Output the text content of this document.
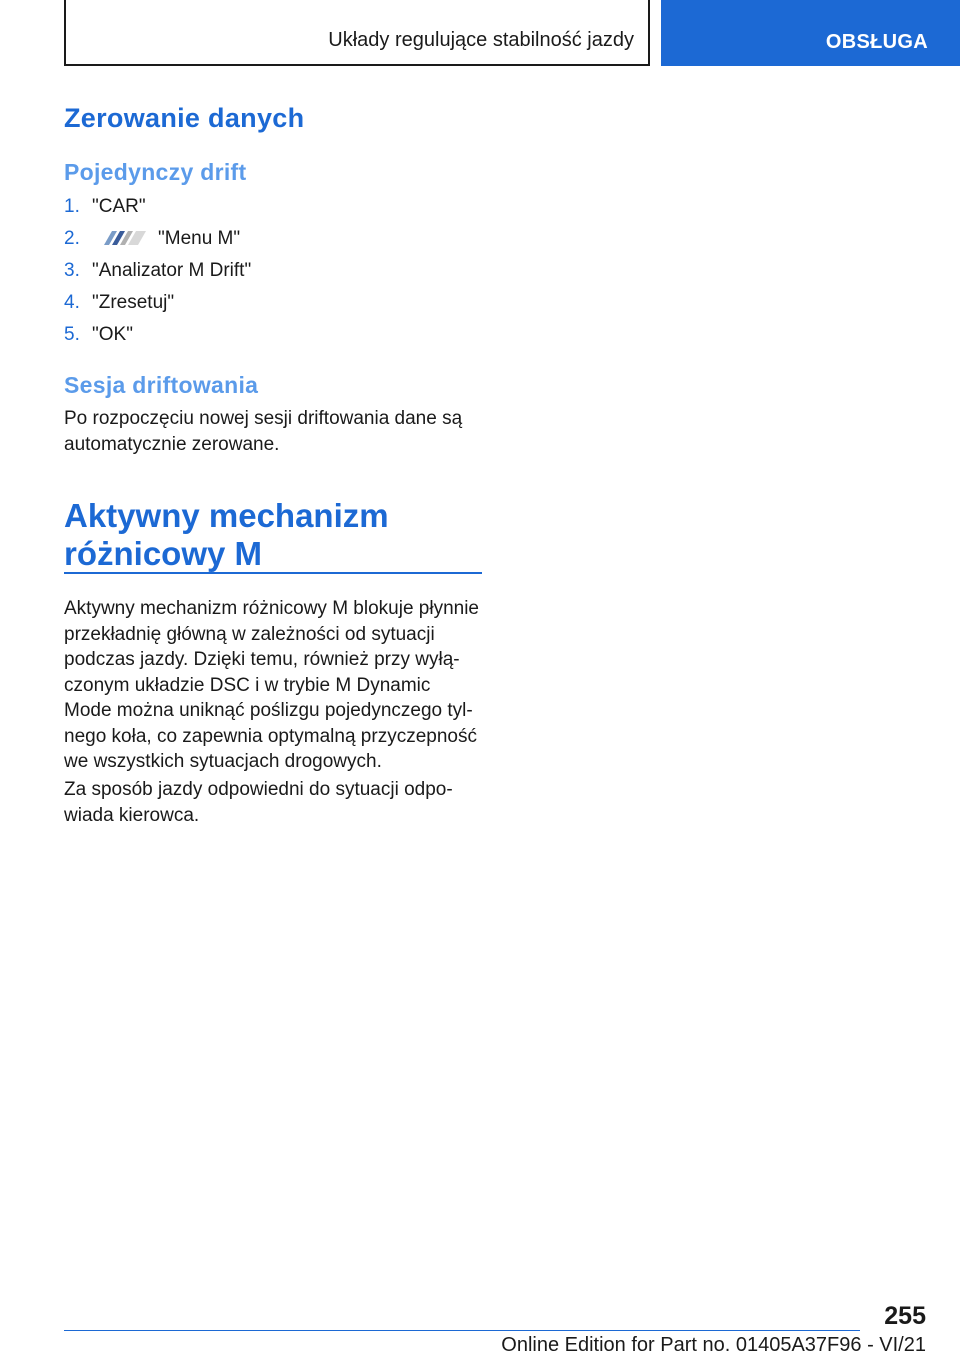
Układy regulujące stabilność jazdy	OBSŁUGA
Zerowanie danych
Pojedynczy drift
1. "CAR"
2.	"Menu M"
3. "Analizator M Drift"
4. "Zresetuj"
5. "OK"
Sesja driftowania
Po rozpoczęciu nowej sesji driftowania dane są automatycznie zerowane.
Aktywny mechanizm różnicowy M
Aktywny mechanizm różnicowy M blokuje płynnie przekładnię główną w zależności od sytuacji podczas jazdy. Dzięki temu, również przy wyłączonym układzie DSC i w trybie M Dynamic Mode można uniknąć poślizgu pojedynczego tylnego koła, co zapewnia optymalną przyczepność we wszystkich sytuacjach drogowych.
Za sposób jazdy odpowiedni do sytuacji odpowiada kierowca.
255
Online Edition for Part no. 01405A37F96 - VI/21
